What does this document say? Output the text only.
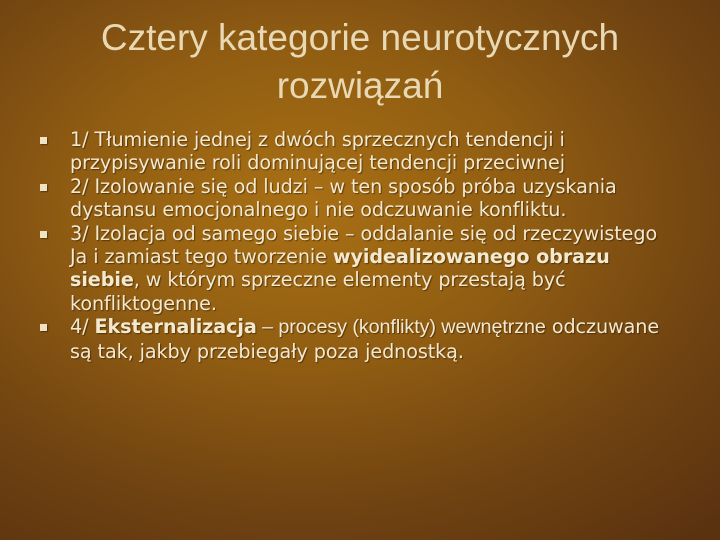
Cztery kategorie neurotycznych
rozwiązań
1/ Tłumienie jednej z dwóch sprzecznych tendencji i przypisywanie roli dominującej tendencji przeciwnej
2/ Izolowanie się od ludzi – w ten sposób próba uzyskania dystansu emocjonalnego i nie odczuwanie konfliktu.
3/ Izolacja od samego siebie – oddalanie się od rzeczywistego Ja i zamiast tego tworzenie wyidealizowanego obrazu siebie, w którym sprzeczne elementy przestają być konfliktogenne.
4/ Eksternalizacja – procesy (konflikty) wewnętrzne odczuwane są tak, jakby przebiegały poza jednostką.
